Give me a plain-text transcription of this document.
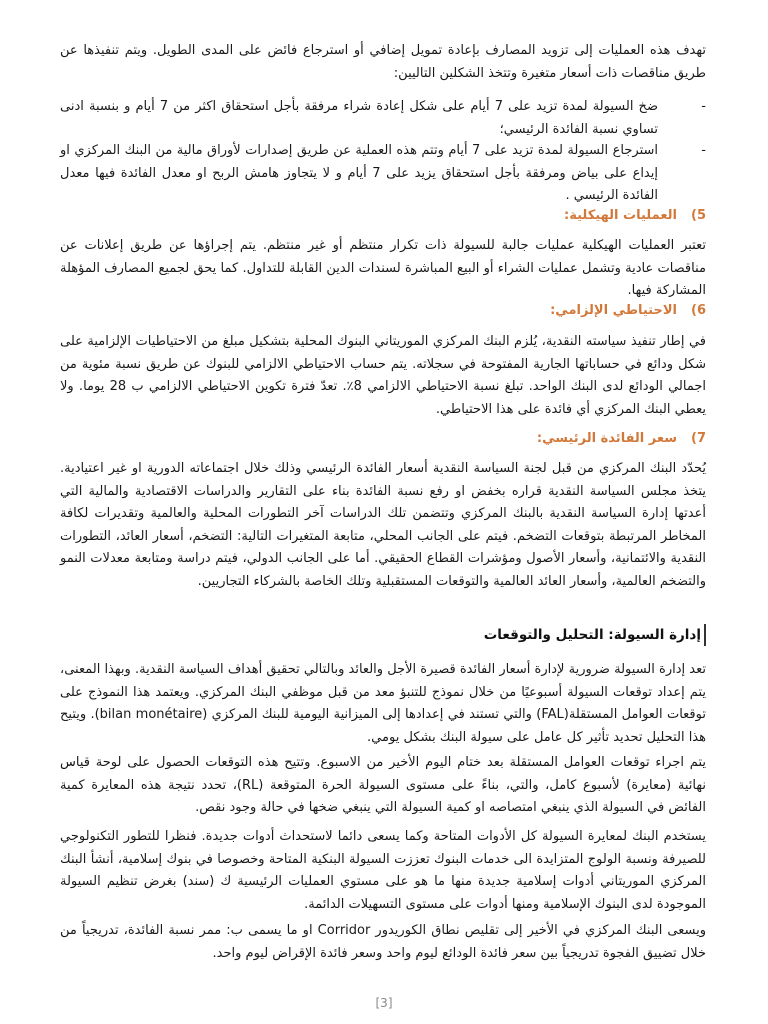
تهدف هذه العمليات إلى تزويد المصارف بإعادة تمويل إضافي أو استرجاع فائض على المدى الطويل. ويتم تنفيذها عن طريق مناقصات ذات أسعار متغيرة وتتخذ الشكلين التاليين:

-
ضخ السيولة لمدة تزيد على 7 أيام على شكل إعادة شراء مرفقة بأجل استحقاق اكثر من 7 أيام و بنسبة ادنى تساوي نسبة الفائدة الرئيسي؛
-
استرجاع السيولة لمدة تزيد على 7 أيام وتتم هذه العملية عن طريق إصدارات لأوراق مالية من البنك المركزي او إيداع على بياض ومرفقة بأجل استحقاق يزيد على 7 أيام و لا يتجاوز هامش الربح او معدل الفائدة فيها معدل الفائدة الرئيسي .
5)العمليات الهيكلية:

تعتبر العمليات الهيكلية عمليات جالبة للسيولة ذات تكرار منتظم أو غير منتظم. يتم إجراؤها عن طريق إعلانات عن مناقصات عادية وتشمل عمليات الشراء أو البيع المباشرة لسندات الدين القابلة للتداول. كما يحق لجميع المصارف المؤهلة المشاركة فيها.

6)الاحتياطي الإلزامي:

في إطار تنفيذ سياسته النقدية، يُلزم البنك المركزي الموريتاني البنوك المحلية بتشكيل مبلغ من الاحتياطيات الإلزامية على شكل ودائع في حساباتها الجارية المفتوحة في سجلاته. يتم حساب الاحتياطي الالزامي للبنوك عن طريق نسبة مئوية من اجمالي الودائع لدى البنك الواحد. تبلغ نسبة الاحتياطي الالزامي 8٪. تعدّ فترة تكوين الاحتياطي الالزامي ب 28 يوما. ولا يعطي البنك المركزي أي فائدة على هذا الاحتياطي.

7)سعر الفائدة الرئيسي:

يُحدّد البنك المركزي من قبل لجنة السياسة النقدية أسعار الفائدة الرئيسي وذلك خلال اجتماعاته الدورية او غير اعتيادية. يتخذ مجلس السياسة النقدية قراره بخفض او رفع نسبة الفائدة بناء على التقارير والدراسات الاقتصادية والمالية التي أعدتها إدارة السياسة النقدية بالبنك المركزي وتتضمن تلك الدراسات آخر التطورات المحلية والعالمية وتقديرات لكافة المخاطر المرتبطة بتوقعات التضخم. فيتم على الجانب المحلي، متابعة المتغيرات التالية: التضخم، أسعار العائد، التطورات النقدية والائتمانية، وأسعار الأصول ومؤشرات القطاع الحقيقي. أما على الجانب الدولي، فيتم دراسة ومتابعة معدلات النمو والتضخم العالمية، وأسعار العائد العالمية والتوقعات المستقبلية وتلك الخاصة بالشركاء التجاريين.

إدارة السيولة: التحليل والتوقعات

تعد إدارة السيولة ضرورية لإدارة أسعار الفائدة قصيرة الأجل والعائد وبالتالي تحقيق أهداف السياسة النقدية. وبهذا المعنى، يتم إعداد توقعات السيولة أسبوعيًا من خلال نموذج للتنبؤ معد من قبل موظفي البنك المركزي. ويعتمد هذا النموذج على توقعات العوامل المستقلة(FAL) والتي تستند في إعدادها إلى الميزانية اليومية للبنك المركزي (bilan monétaire). ويتيح هذا التحليل تحديد تأثير كل عامل على سيولة البنك بشكل يومي.

يتم اجراء توقعات العوامل المستقلة بعد ختام اليوم الأخير من الاسبوع. وتتيح هذه التوقعات الحصول على لوحة قياس نهائية (معايرة) لأسبوع كامل، والتي، بناءً على مستوى السيولة الحرة المتوقعة (RL)، تحدد نتيجة هذه المعايرة كمية الفائض في السيولة الذي ينبغي امتصاصه او كمية السيولة التي ينبغي ضخها في حالة وجود نقص.

يستخدم البنك لمعايرة السيولة كل الأدوات المتاحة وكما يسعى دائما لاستحداث أدوات جديدة. فنظرا للتطور التكنولوجي للصيرفة ونسبة الولوج المتزايدة الى خدمات البنوك تعززت السيولة البنكية المتاحة وخصوصا في بنوك إسلامية، أنشأ البنك المركزي الموريتاني أدوات إسلامية جديدة منها ما هو على مستوي العمليات الرئيسية ك (سند) بغرض تنظيم السيولة الموجودة لدى البنوك الإسلامية ومنها أدوات على مستوى التسهيلات الدائمة.

ويسعى البنك المركزي في الأخير إلى تقليص نطاق الكوريدور Corridor او ما يسمى ب: ممر نسبة الفائدة، تدريجياً من خلال تضييق الفجوة تدريجياً بين سعر فائدة الودائع ليوم واحد وسعر فائدة الإقراض ليوم واحد.

[3]
